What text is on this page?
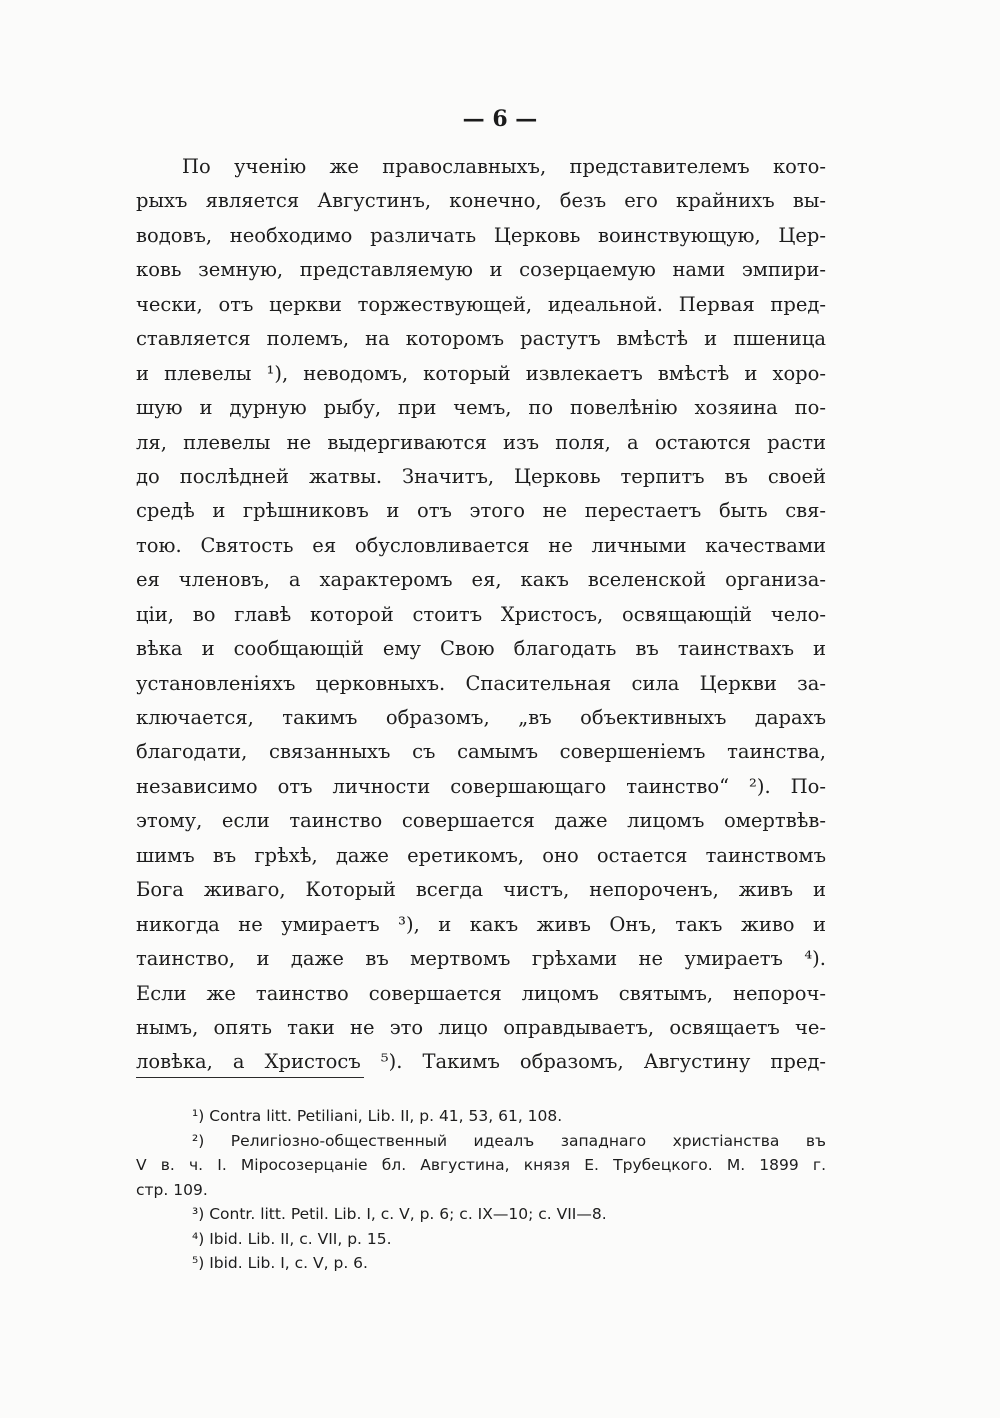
— 6 —
По ученію же православныхъ, представителемъ кото-
рыхъ является Августинъ, конечно, безъ его крайнихъ вы-
водовъ, необходимо различать Церковь воинствующую, Цер-
ковь земную, представляемую и созерцаемую нами эмпири-
чески, отъ церкви торжествующей, идеальной. Первая пред-
ставляется полемъ, на которомъ растутъ вмѣстѣ и пшеница
и плевелы ¹), неводомъ, который извлекаетъ вмѣстѣ и хоро-
шую и дурную рыбу, при чемъ, по повелѣнію хозяина по-
ля, плевелы не выдергиваются изъ поля, а остаются расти
до послѣдней жатвы. Значитъ, Церковь терпитъ въ своей
средѣ и грѣшниковъ и отъ этого не перестаетъ быть свя-
тою. Святость ея обусловливается не личными качествами
ея членовъ, а характеромъ ея, какъ вселенской организа-
ціи, во главѣ которой стоитъ Христосъ, освящающій чело-
вѣка и сообщающій ему Свою благодать въ таинствахъ и
установленіяхъ церковныхъ. Спасительная сила Церкви за-
ключается, такимъ образомъ, „въ объективныхъ дарахъ
благодати, связанныхъ съ самымъ совершеніемъ таинства,
независимо отъ личности совершающаго таинство“ ²). По-
этому, если таинство совершается даже лицомъ омертвѣв-
шимъ въ грѣхѣ, даже еретикомъ, оно остается таинствомъ
Бога живаго, Который всегда чистъ, непороченъ, живъ и
никогда не умираетъ ³), и какъ живъ Онъ, такъ живо и
таинство, и даже въ мертвомъ грѣхами не умираетъ ⁴).
Если же таинство совершается лицомъ святымъ, непороч-
нымъ, опять таки не это лицо оправдываетъ, освящаетъ че-
ловѣка, а Христосъ ⁵). Такимъ образомъ, Августину пред-
¹) Contra litt. Petiliani, Lib. II, p. 41, 53, 61, 108.
²) Религіозно-общественный идеалъ западнаго христіанства въ
V в. ч. I. Міросозерцаніе бл. Августина, князя Е. Трубецкого. М. 1899 г.
стр. 109.
³) Contr. litt. Petil. Lib. I, c. V, p. 6; c. IX—10; c. VII—8.
⁴) Ibid. Lib. II, c. VII, p. 15.
⁵) Ibid. Lib. I, c. V, p. 6.
